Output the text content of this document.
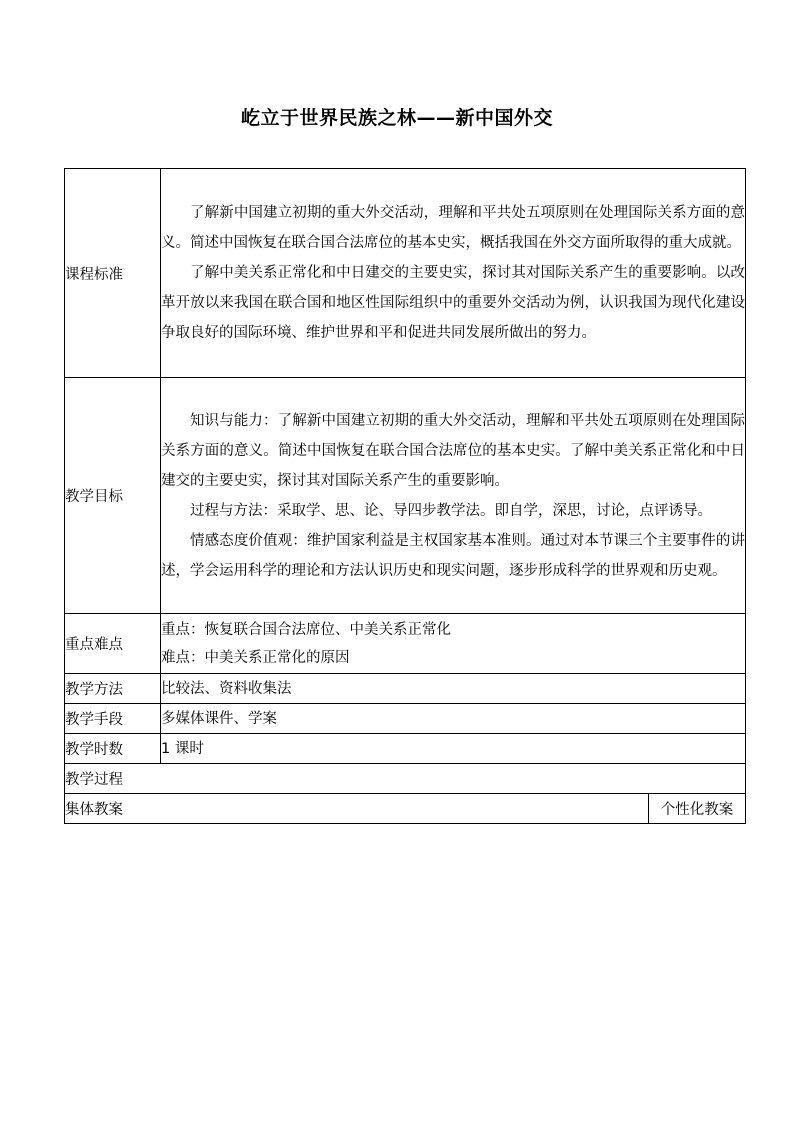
屹立于世界民族之林——新中国外交
课程标准	了解新中国建立初期的重大外交活动，理解和平共处五项原则在处理国际关系方面的意义。简述中国恢复在联合国合法席位的基本史实，概括我国在外交方面所取得的重大成就。

了解中美关系正常化和中日建交的主要史实，探讨其对国际关系产生的重要影响。以改革开放以来我国在联合国和地区性国际组织中的重要外交活动为例，认识我国为现代化建设争取良好的国际环境、维护世界和平和促进共同发展所做出的努力。	

教学目标	知识与能力：了解新中国建立初期的重大外交活动，理解和平共处五项原则在处理国际关系方面的意义。简述中国恢复在联合国合法席位的基本史实。了解中美关系正常化和中日建交的主要史实，探讨其对国际关系产生的重要影响。

过程与方法：采取学、思、论、导四步教学法。即自学，深思，讨论，点评诱导。

情感态度价值观：维护国家利益是主权国家基本准则。通过对本节课三个主要事件的讲述，学会运用科学的理论和方法认识历史和现实问题，逐步形成科学的世界观和历史观。	

重点难点	重点：恢复联合国合法席位、中美关系正常化
难点：中美关系正常化的原因	

教学方法	比较法、资料收集法	
教学手段	多媒体课件、学案	
教学时数	1 课时	
教学过程		
集体教案		个性化教案
